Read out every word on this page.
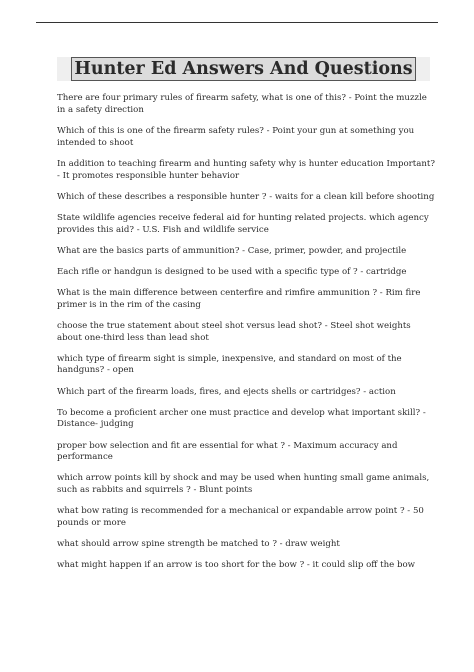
Hunter Ed Answers And Questions
There are four primary rules of firearm safety, what is one of this? - Point the muzzle in a safety direction
Which of this is one of the firearm safety rules? - Point your gun at something you intended to shoot
In addition to teaching firearm and hunting safety why is hunter education Important? - It promotes responsible hunter behavior
Which of these describes a responsible hunter ? - waits for a clean kill before shooting
State wildlife agencies receive federal aid for hunting related projects. which agency provides this aid? - U.S. Fish and wildlife service
What are the basics parts of ammunition? - Case, primer, powder, and projectile
Each rifle or handgun is designed to be used with a specific type of ? - cartridge
What is the main difference between centerfire and rimfire ammunition ? - Rim fire primer is in the rim of the casing
choose the true statement about steel shot versus lead shot? - Steel shot weights about one-third less than lead shot
which type of firearm sight is simple, inexpensive, and standard on most of the handguns? - open
Which part of the firearm loads, fires, and ejects shells or cartridges? - action
To become a proficient archer one must practice and develop what important skill? - Distance- judging
proper bow selection and fit are essential for what ? - Maximum accuracy and performance
which arrow points kill by shock and may be used when hunting small game animals, such as rabbits and squirrels ? - Blunt points
what bow rating is recommended for a mechanical or expandable arrow point ? - 50 pounds or more
what should arrow spine strength be matched to ? - draw weight
what might happen if an arrow is too short for the bow ? - it could slip off the bow
